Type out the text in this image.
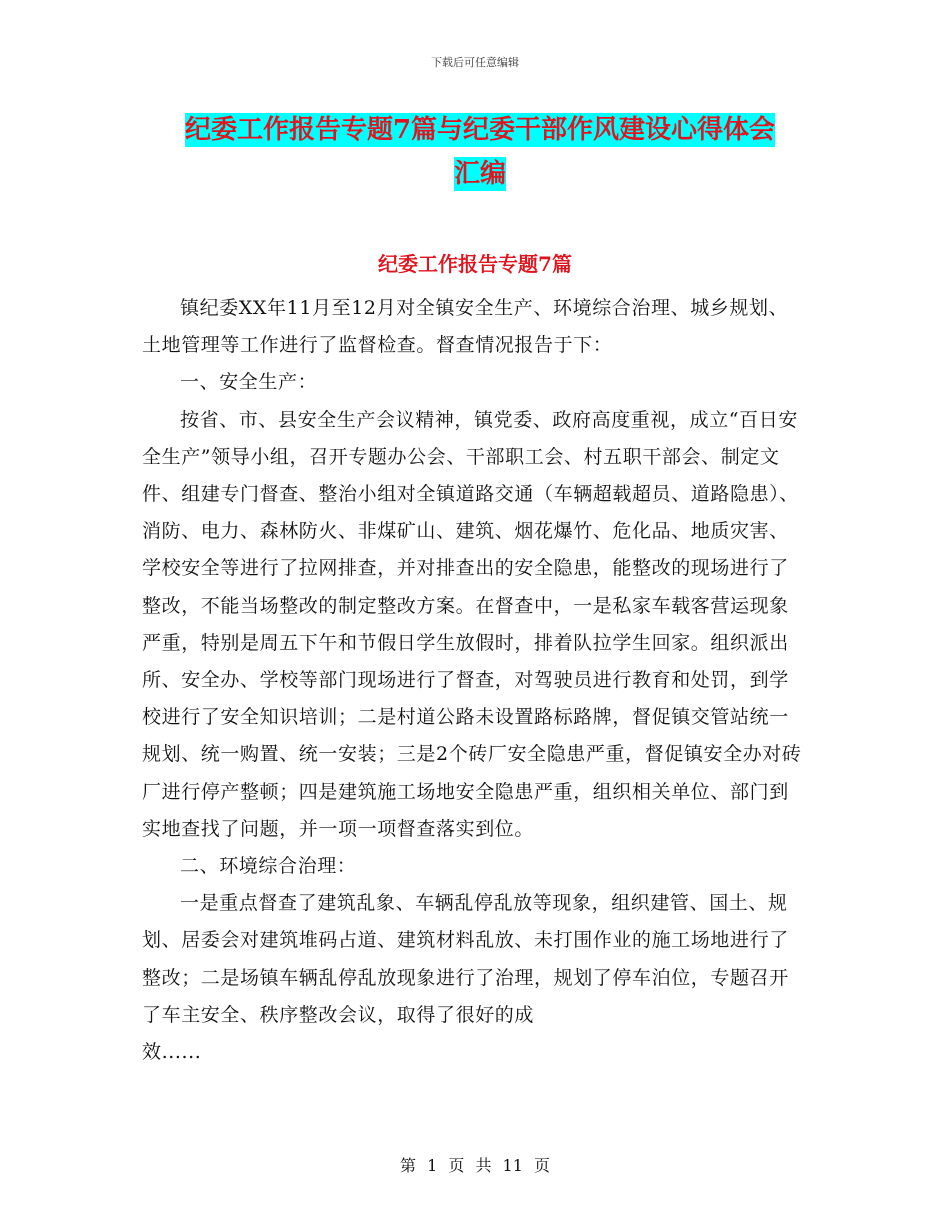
下载后可任意编辑
纪委工作报告专题7篇与纪委干部作风建设心得体会
汇编
纪委工作报告专题7篇

镇纪委XX年11月至12月对全镇安全生产、环境综合治理、城乡规划、土地管理等工作进行了监督检查。督查情况报告于下：

一、安全生产：

按省、市、县安全生产会议精神，镇党委、政府高度重视，成立“百日安全生产”领导小组，召开专题办公会、干部职工会、村五职干部会、制定文件、组建专门督查、整治小组对全镇道路交通（车辆超载超员、道路隐患）、消防、电力、森林防火、非煤矿山、建筑、烟花爆竹、危化品、地质灾害、学校安全等进行了拉网排查，并对排查出的安全隐患，能整改的现场进行了整改，不能当场整改的制定整改方案。在督查中，一是私家车载客营运现象严重，特别是周五下午和节假日学生放假时，排着队拉学生回家。组织派出所、安全办、学校等部门现场进行了督查，对驾驶员进行教育和处罚，到学校进行了安全知识培训；二是村道公路未设置路标路牌，督促镇交管站统一规划、统一购置、统一安装；三是2个砖厂安全隐患严重，督促镇安全办对砖厂进行停产整顿；四是建筑施工场地安全隐患严重，组织相关单位、部门到实地查找了问题，并一项一项督查落实到位。

二、环境综合治理：

一是重点督查了建筑乱象、车辆乱停乱放等现象，组织建管、国土、规划、居委会对建筑堆码占道、建筑材料乱放、未打围作业的施工场地进行了整改；二是场镇车辆乱停乱放现象进行了治理，规划了停车泊位，专题召开了车主安全、秩序整改会议，取得了很好的成

效......

第 1 页 共 11 页
